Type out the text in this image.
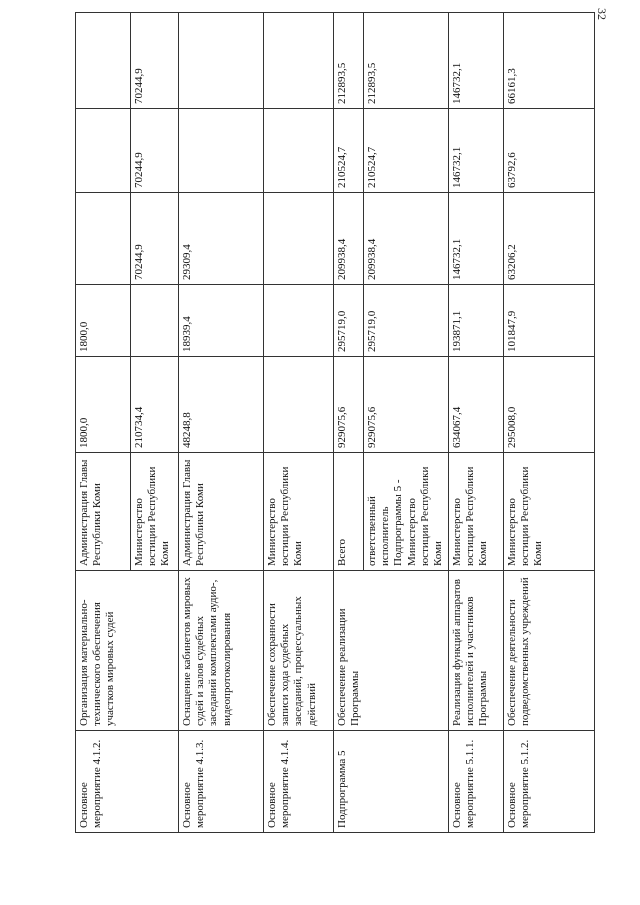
32
Основное мероприятие 4.1.2.	Организация материально-технического обеспечения участков мировых судей	Администрация Главы Республики Коми	1800,0	1800,0			
		Министерство юстиции Республики Коми	210734,4		70244,9	70244,9	70244,9
Основное мероприятие 4.1.3.	Оснащение кабинетов мировых судей и залов судебных заседаний комплектами аудио-, видеопротоколирования	Администрация Главы Республики Коми	48248,8	18939,4	29309,4		
Основное мероприятие 4.1.4.	Обеспечение сохранности записи хода судебных заседаний, процессуальных действий	Министерство юстиции Республики Коми					
Подпрограмма 5	Обеспечение реализации Программы	Всего	929075,6	295719,0	209938,4	210524,7	212893,5
		ответственный исполнитель Подпрограммы 5 - Министерство юстиции Республики Коми	929075,6	295719,0	209938,4	210524,7	212893,5
Основное мероприятие 5.1.1.	Реализация функций аппаратов исполнителей и участников Программы	Министерство юстиции Республики Коми	634067,4	193871,1	146732,1	146732,1	146732,1
Основное мероприятие 5.1.2.	Обеспечение деятельности подведомственных учреждений	Министерство юстиции Республики Коми	295008,0	101847,9	63206,2	63792,6	66161,3
